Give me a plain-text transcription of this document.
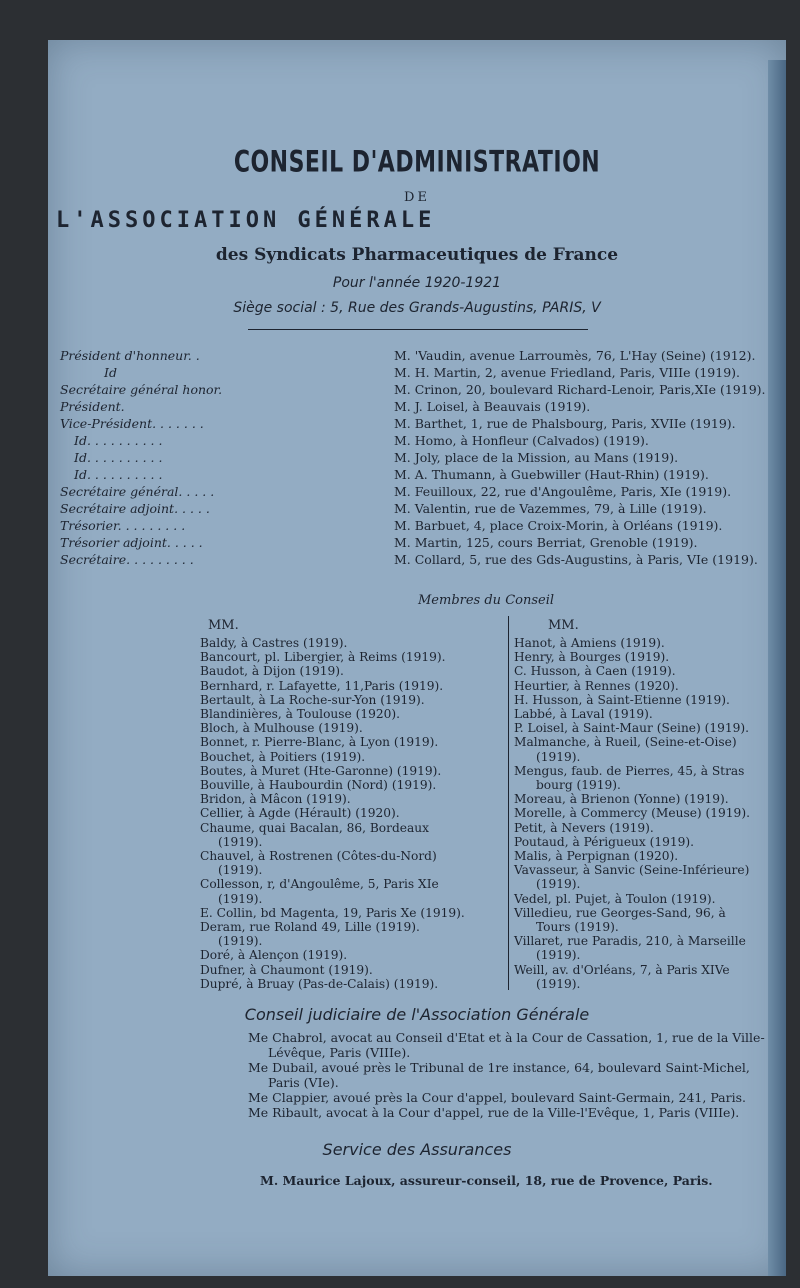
CONSEIL D'ADMINISTRATION
DE
L'ASSOCIATION GÉNÉRALE
des Syndicats Pharmaceutiques de France
Pour l'année 1920-1921
Siège social : 5, Rue des Grands-Augustins, PARIS, V
Président d'honneur. .	M. 'Vaudin, avenue Larroumès, 76, L'Hay (Seine) (1912).
Id	M. H. Martin, 2, avenue Friedland, Paris, VIIIe (1919).
Secrétaire général honor.	M. Crinon, 20, boulevard Richard-Lenoir, Paris,XIe (1919).
Président.	M. J. Loisel, à Beauvais (1919).
Vice-Président. . . . . . .	M. Barthet, 1, rue de Phalsbourg, Paris, XVIIe (1919).
Id. . . . . . . . . .	M. Homo, à Honfleur (Calvados) (1919).
Id. . . . . . . . . .	M. Joly, place de la Mission, au Mans (1919).
Id. . . . . . . . . .	M. A. Thumann, à Guebwiller (Haut-Rhin) (1919).
Secrétaire général. . . . .	M. Feuilloux, 22, rue d'Angoulême, Paris, XIe (1919).
Secrétaire adjoint. . . . .	M. Valentin, rue de Vazemmes, 79, à Lille (1919).
Trésorier. . . . . . . . .	M. Barbuet, 4, place Croix-Morin, à Orléans (1919).
Trésorier adjoint. . . . .	M. Martin, 125, cours Berriat, Grenoble (1919).
Secrétaire. . . . . . . . .	M. Collard, 5, rue des Gds-Augustins, à Paris, VIe (1919).
Membres du Conseil
MM.	MM.
Baldy, à Castres (1919).
Bancourt, pl. Libergier, à Reims (1919).
Baudot, à Dijon (1919).
Bernhard, r. Lafayette, 11,Paris (1919).
Bertault, à La Roche-sur-Yon (1919).
Blandinières, à Toulouse (1920).
Bloch, à Mulhouse (1919).
Bonnet, r. Pierre-Blanc, à Lyon (1919).
Bouchet, à Poitiers (1919).
Boutes, à Muret (Hte-Garonne) (1919).
Bouville, à Haubourdin (Nord) (1919).
Bridon, à Mâcon (1919).
Cellier, à Agde (Hérault) (1920).
Chaume, quai Bacalan, 86, Bordeaux
(1919).
Chauvel, à Rostrenen (Côtes-du-Nord)
(1919).
Collesson, r, d'Angoulême, 5, Paris XIe
(1919).
E. Collin, bd Magenta, 19, Paris Xe (1919).
Deram, rue Roland 49, Lille (1919).
(1919).
Doré, à Alençon (1919).
Dufner, à Chaumont (1919).
Dupré, à Bruay (Pas-de-Calais) (1919).
Hanot, à Amiens (1919).
Henry, à Bourges (1919).
C. Husson, à Caen (1919).
Heurtier, à Rennes (1920).
H. Husson, à Saint-Etienne (1919).
Labbé, à Laval (1919).
P. Loisel, à Saint-Maur (Seine) (1919).
Malmanche, à Rueil, (Seine-et-Oise)
(1919).
Mengus, faub. de Pierres, 45, à Stras
bourg (1919).
Moreau, à Brienon (Yonne) (1919).
Morelle, à Commercy (Meuse) (1919).
Petit, à Nevers (1919).
Poutaud, à Périgueux (1919).
Malis, à Perpignan (1920).
Vavasseur, à Sanvic (Seine-Inférieure)
(1919).
Vedel, pl. Pujet, à Toulon (1919).
Villedieu, rue Georges-Sand, 96, à
Tours (1919).
Villaret, rue Paradis, 210, à Marseille
(1919).
Weill, av. d'Orléans, 7, à Paris XIVe
(1919).
Conseil judiciaire de l'Association Générale
Me Chabrol, avocat au Conseil d'Etat et à la Cour de Cassation, 1, rue de la Ville-
Lévêque, Paris (VIIIe).
Me Dubail, avoué près le Tribunal de 1re instance, 64, boulevard Saint-Michel,
Paris (VIe).
Me Clappier, avoué près la Cour d'appel, boulevard Saint-Germain, 241, Paris.
Me Ribault, avocat à la Cour d'appel, rue de la Ville-l'Evêque, 1, Paris (VIIIe).
Service des Assurances
M. Maurice Lajoux, assureur-conseil, 18, rue de Provence, Paris.
